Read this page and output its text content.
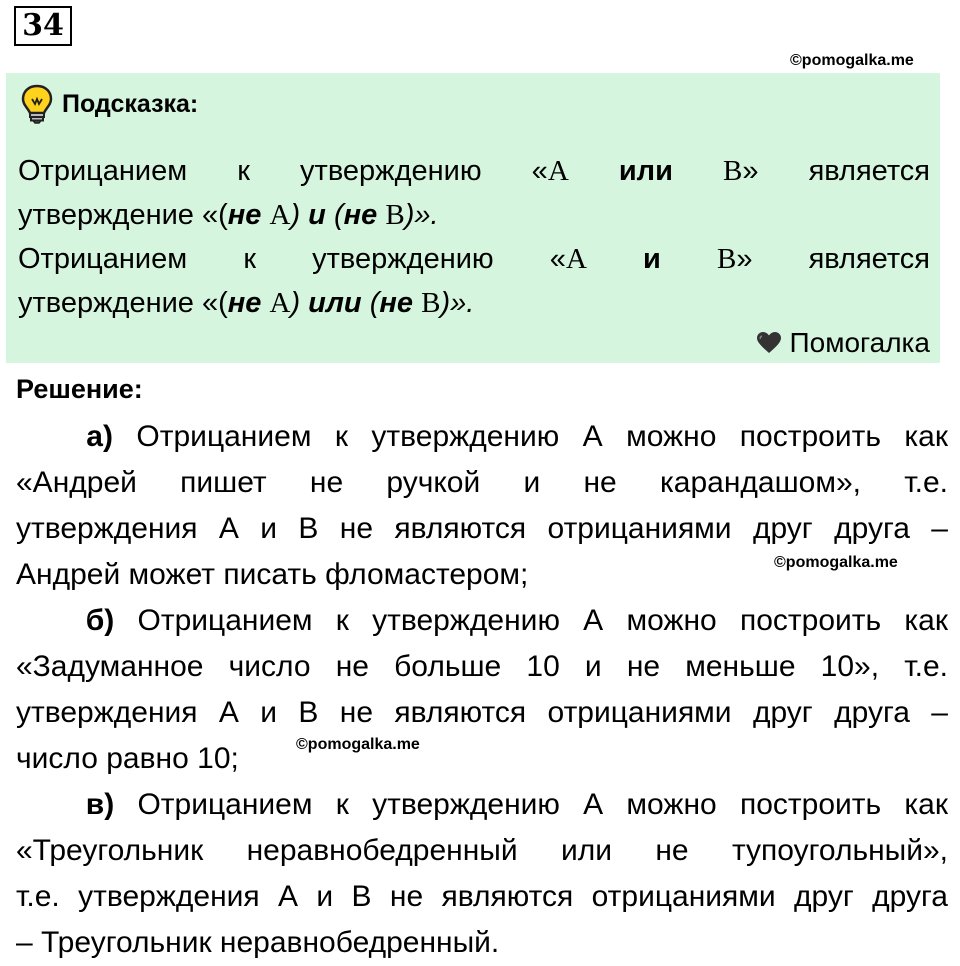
34
©pomogalka.me
Подсказка:
Отрицанием к утверждению «А или В» является
утверждение «(не А) и (не В)».
Отрицанием к утверждению «А и В» является
утверждение «(не А) или (не В)».
Помогалка
Решение:
а) Отрицанием к утверждению А можно построить как
«Андрей пишет не ручкой и не карандашом», т.е.
утверждения А и В не являются отрицаниями друг друга –
Андрей может писать фломастером;
б) Отрицанием к утверждению А можно построить как
«Задуманное число не больше 10 и не меньше 10», т.е.
утверждения А и В не являются отрицаниями друг друга –
число равно 10;
в) Отрицанием к утверждению А можно построить как
«Треугольник неравнобедренный или не тупоугольный»,
т.е. утверждения А и В не являются отрицаниями друг друга
– Треугольник неравнобедренный.
©pomogalka.me
©pomogalka.me
